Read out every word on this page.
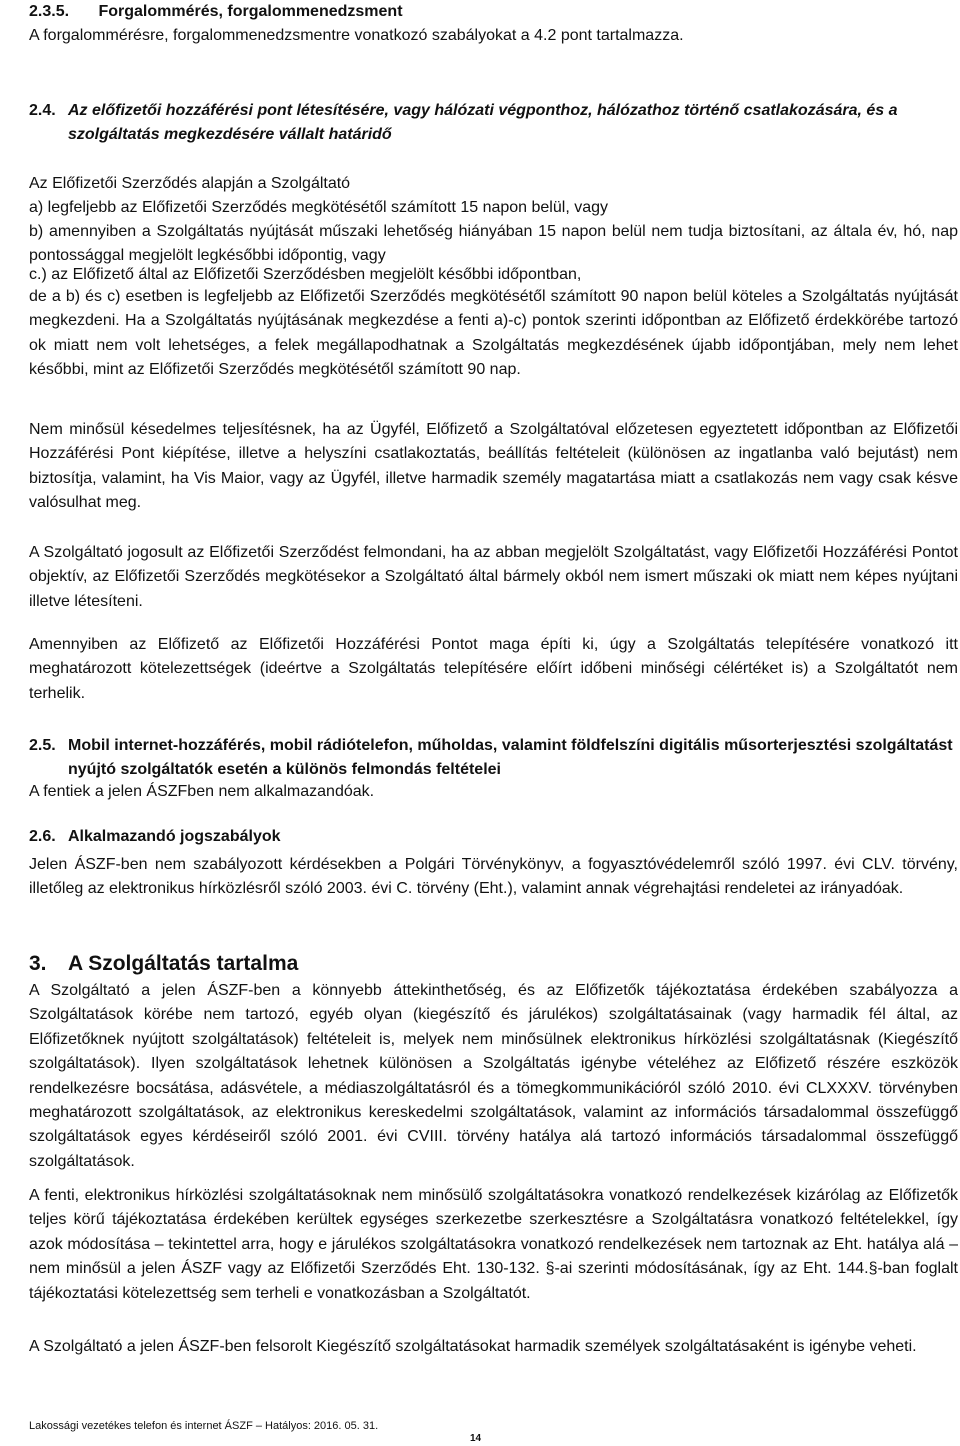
2.3.5. Forgalommérés, forgalommenedzsment

A forgalommérésre, forgalommenedzsmentre vonatkozó szabályokat a 4.2 pont tartalmazza.

2.4. Az előfizetői hozzáférési pont létesítésére, vagy hálózati végponthoz, hálózathoz történő csatlakozására, és a szolgáltatás megkezdésére vállalt határidő

Az Előfizetői Szerződés alapján a Szolgáltató

a) legfeljebb az Előfizetői Szerződés megkötésétől számított 15 napon belül, vagy

b) amennyiben a Szolgáltatás nyújtását műszaki lehetőség hiányában 15 napon belül nem tudja biztosítani, az általa év, hó, nap pontossággal megjelölt legkésőbbi időpontig, vagy

c.) az Előfizető által az Előfizetői Szerződésben megjelölt későbbi időpontban,

de a b) és c) esetben is legfeljebb az Előfizetői Szerződés megkötésétől számított 90 napon belül köteles a Szolgáltatás nyújtását megkezdeni. Ha a Szolgáltatás nyújtásának megkezdése a fenti a)-c) pontok szerinti időpontban az Előfizető érdekkörébe tartozó ok miatt nem volt lehetséges, a felek megállapodhatnak a Szolgáltatás megkezdésének újabb időpontjában, mely nem lehet későbbi, mint az Előfizetői Szerződés megkötésétől számított 90 nap.

Nem minősül késedelmes teljesítésnek, ha az Ügyfél, Előfizető a Szolgáltatóval előzetesen egyeztetett időpontban az Előfizetői Hozzáférési Pont kiépítése, illetve a helyszíni csatlakoztatás, beállítás feltételeit (különösen az ingatlanba való bejutást) nem biztosítja, valamint, ha Vis Maior, vagy az Ügyfél, illetve harmadik személy magatartása miatt a csatlakozás nem vagy csak késve valósulhat meg.

A Szolgáltató jogosult az Előfizetői Szerződést felmondani, ha az abban megjelölt Szolgáltatást, vagy Előfizetői Hozzáférési Pontot objektív, az Előfizetői Szerződés megkötésekor a Szolgáltató által bármely okból nem ismert műszaki ok miatt nem képes nyújtani illetve létesíteni.

Amennyiben az Előfizető az Előfizetői Hozzáférési Pontot maga építi ki, úgy a Szolgáltatás telepítésére vonatkozó itt meghatározott kötelezettségek (ideértve a Szolgáltatás telepítésére előírt időbeni minőségi célértéket is) a Szolgáltatót nem terhelik.

2.5. Mobil internet-hozzáférés, mobil rádiótelefon, műholdas, valamint földfelszíni digitális műsorterjesztési szolgáltatást nyújtó szolgáltatók esetén a különös felmondás feltételei

A fentiek a jelen ÁSZFben nem alkalmazandóak.

2.6. Alkalmazandó jogszabályok

Jelen ÁSZF-ben nem szabályozott kérdésekben a Polgári Törvénykönyv, a fogyasztóvédelemről szóló 1997. évi CLV. törvény, illetőleg az elektronikus hírközlésről szóló 2003. évi C. törvény (Eht.), valamint annak végrehajtási rendeletei az irányadóak.

3.	A Szolgáltatás tartalma

A Szolgáltató a jelen ÁSZF-ben a könnyebb áttekinthetőség, és az Előfizetők tájékoztatása érdekében szabályozza a Szolgáltatások körébe nem tartozó, egyéb olyan (kiegészítő és járulékos) szolgáltatásainak (vagy harmadik fél által, az Előfizetőknek nyújtott szolgáltatások) feltételeit is, melyek nem minősülnek elektronikus hírközlési szolgáltatásnak (Kiegészítő szolgáltatások). Ilyen szolgáltatások lehetnek különösen a Szolgáltatás igénybe vételéhez az Előfizető részére eszközök rendelkezésre bocsátása, adásvétele, a médiaszolgáltatásról és a tömegkommunikációról szóló 2010. évi CLXXXV. törvényben meghatározott szolgáltatások, az elektronikus kereskedelmi szolgáltatások, valamint az információs társadalommal összefüggő szolgáltatások egyes kérdéseiről szóló 2001. évi CVIII. törvény hatálya alá tartozó információs társadalommal összefüggő szolgáltatások.

A fenti, elektronikus hírközlési szolgáltatásoknak nem minősülő szolgáltatásokra vonatkozó rendelkezések kizárólag az Előfizetők teljes körű tájékoztatása érdekében kerültek egységes szerkezetbe szerkesztésre a Szolgáltatásra vonatkozó feltételekkel, így azok módosítása – tekintettel arra, hogy e járulékos szolgáltatásokra vonatkozó rendelkezések nem tartoznak az Eht. hatálya alá – nem minősül a jelen ÁSZF vagy az Előfizetői Szerződés Eht. 130-132. §-ai szerinti módosításának, így az Eht. 144.§-ban foglalt tájékoztatási kötelezettség sem terheli e vonatkozásban a Szolgáltatót.

A Szolgáltató a jelen ÁSZF-ben felsorolt Kiegészítő szolgáltatásokat harmadik személyek szolgáltatásaként is igénybe veheti.

Lakossági vezetékes telefon és internet ÁSZF – Hatályos: 2016. 05. 31.
14
